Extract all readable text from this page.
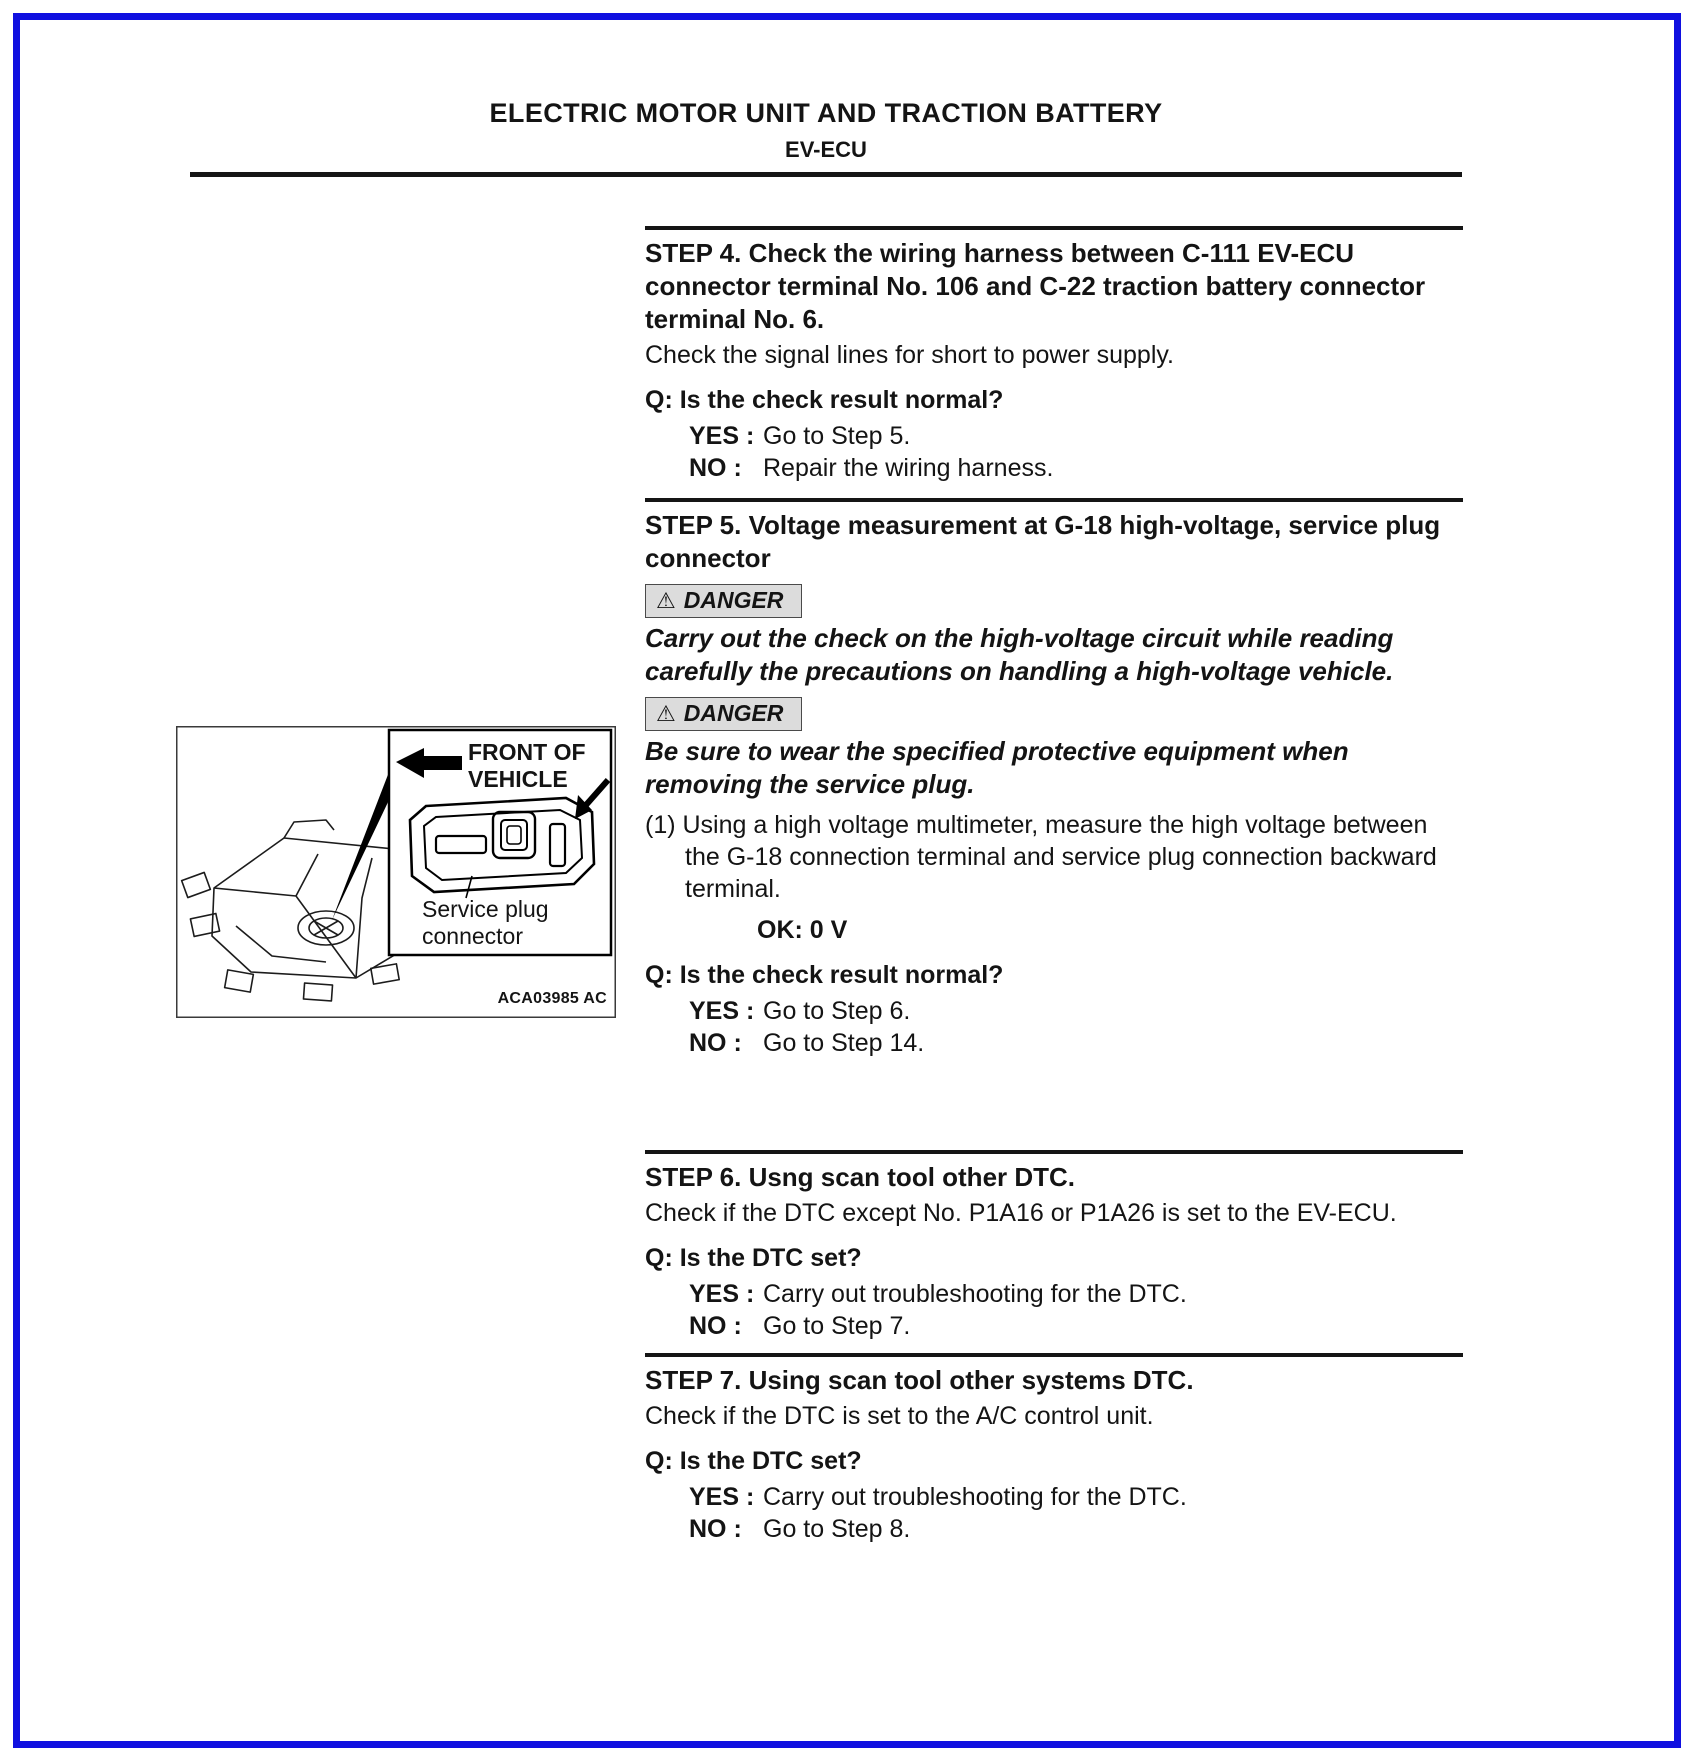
ELECTRIC MOTOR UNIT AND TRACTION BATTERY
EV-ECU
FRONT OF
VEHICLE
Service plug
connector
ACA03985 AC
STEP 4. Check the wiring harness between C-111 EV-ECU connector terminal No. 106 and C-22 traction battery connector terminal No. 6.
Check the signal lines for short to power supply.
Q: Is the check result normal?
YES : Go to Step 5.
NO : Repair the wiring harness.
STEP 5. Voltage measurement at G-18 high-voltage, service plug connector
⚠ DANGER
Carry out the check on the high-voltage circuit while reading carefully the precautions on handling a high-voltage vehicle.
⚠ DANGER
Be sure to wear the specified protective equipment when removing the service plug.
(1) Using a high voltage multimeter, measure the high voltage between the G-18 connection terminal and service plug connection backward terminal.
OK: 0 V
Q: Is the check result normal?
YES : Go to Step 6.
NO : Go to Step 14.
STEP 6. Usng scan tool other DTC.
Check if the DTC except No. P1A16 or P1A26 is set to the EV-ECU.
Q: Is the DTC set?
YES : Carry out troubleshooting for the DTC.
NO : Go to Step 7.
STEP 7. Using scan tool other systems DTC.
Check if the DTC is set to the A/C control unit.
Q: Is the DTC set?
YES : Carry out troubleshooting for the DTC.
NO : Go to Step 8.
